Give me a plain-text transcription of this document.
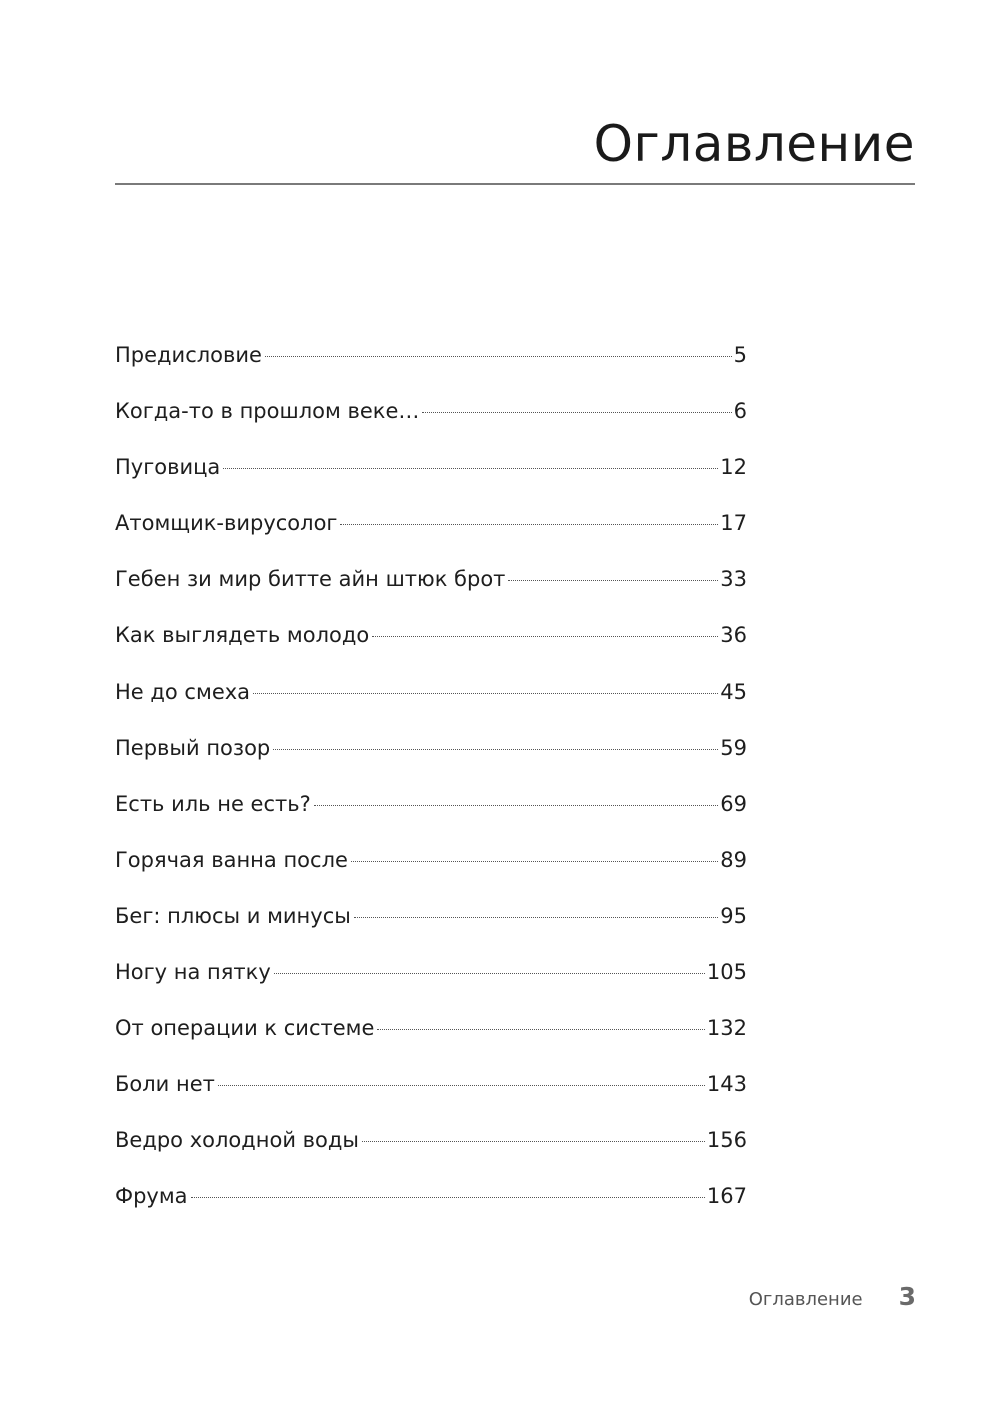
Оглавление
Предисловие	5
Когда-то в прошлом веке…	6
Пуговица	12
Атомщик-вирусолог	17
Гебен зи мир битте айн штюк брот	33
Как выглядеть молодо	36
Не до смеха	45
Первый позор	59
Есть иль не есть?	69
Горячая ванна после	89
Бег: плюсы и минусы	95
Ногу на пятку	105
От операции к системе	132
Боли нет	143
Ведро холодной воды	156
Фрума	167
Оглавление 3
